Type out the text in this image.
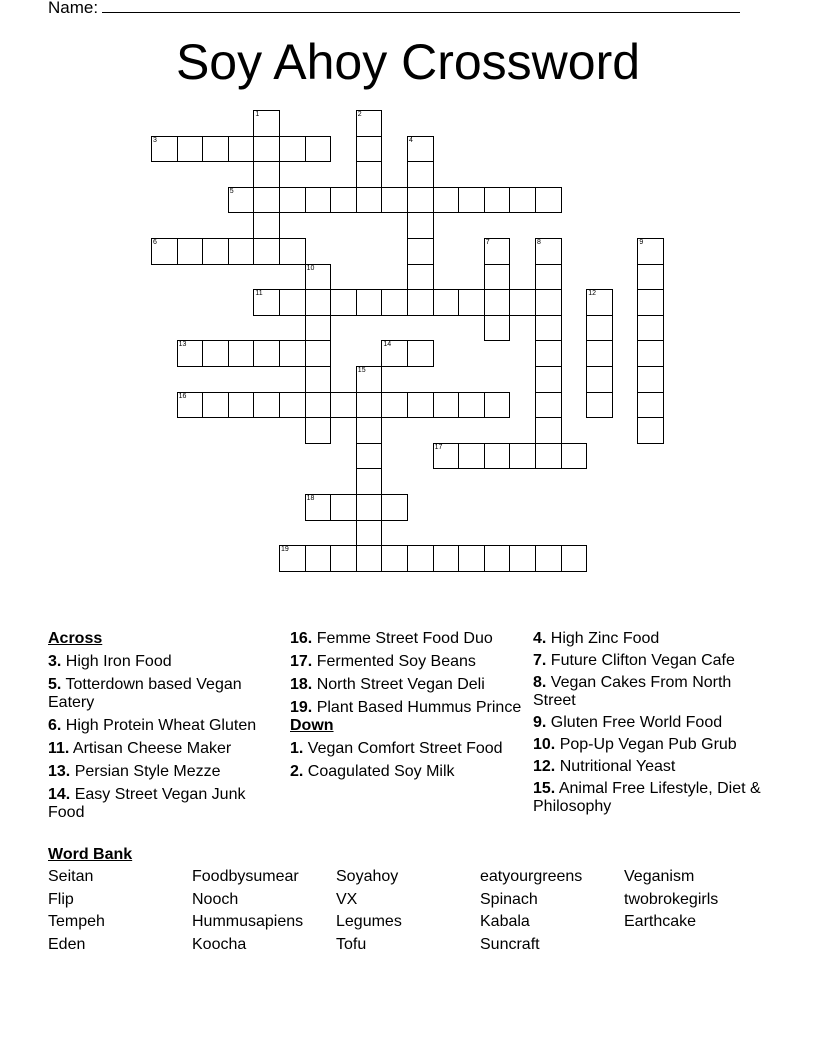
Name:
Soy Ahoy Crossword
1	2
3	4
5
6	7	8	9
10
11	12
13	14
15
16
17
18
19
Across
3. High Iron Food
5. Totterdown based Vegan Eatery
6. High Protein Wheat Gluten
11. Artisan Cheese Maker
13. Persian Style Mezze
14. Easy Street Vegan Junk Food
16. Femme Street Food Duo
17. Fermented Soy Beans
18. North Street Vegan Deli
19. Plant Based Hummus Prince
Down
1. Vegan Comfort Street Food
2. Coagulated Soy Milk
4. High Zinc Food
7. Future Clifton Vegan Cafe
8. Vegan Cakes From North Street
9. Gluten Free World Food
10. Pop-Up Vegan Pub Grub
12. Nutritional Yeast
15. Animal Free Lifestyle, Diet & Philosophy
Word Bank
Seitan
Flip
Tempeh
Eden
Foodbysumear
Nooch
Hummusapiens
Koocha
Soyahoy
VX
Legumes
Tofu
eatyourgreens
Spinach
Kabala
Suncraft
Veganism
twobrokegirls
Earthcake
